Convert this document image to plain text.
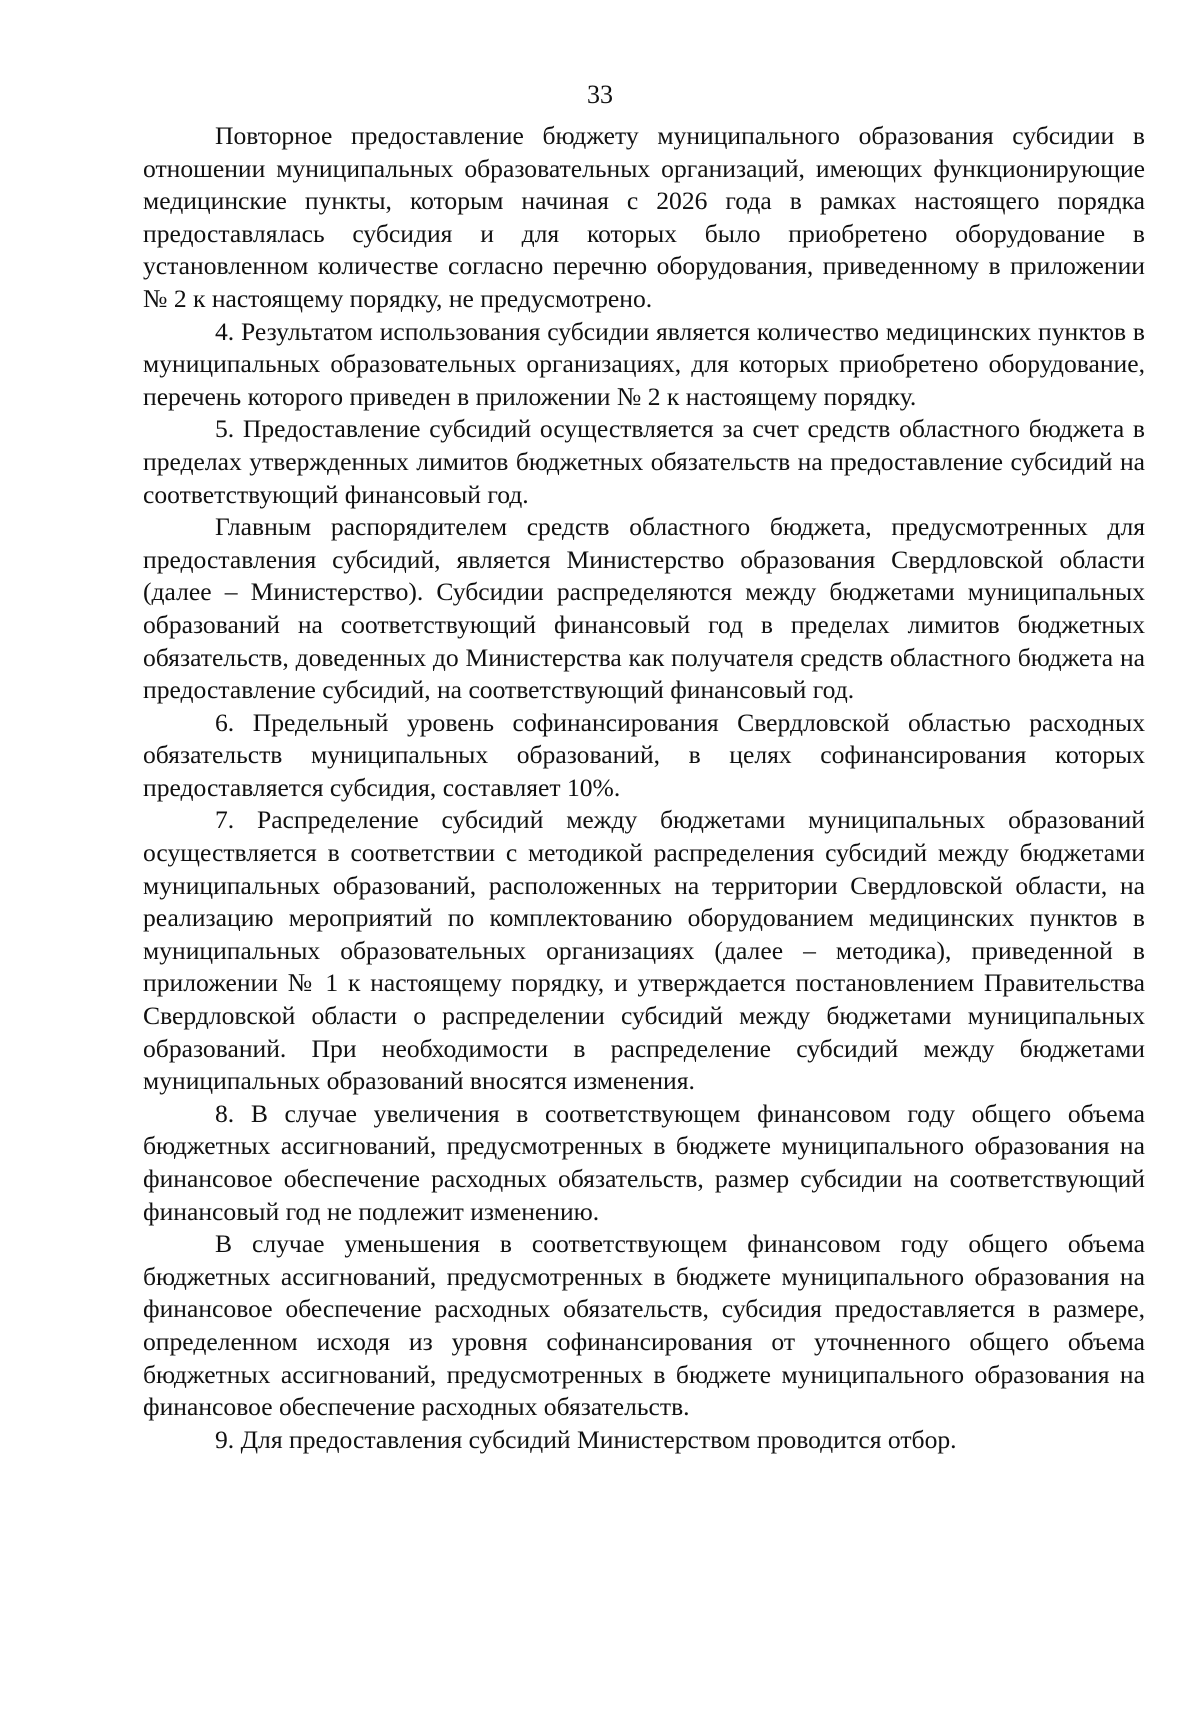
33

Повторное предоставление бюджету муниципального образования субсидии в отношении муниципальных образовательных организаций, имеющих функционирующие медицинские пункты, которым начиная с 2026 года в рамках настоящего порядка предоставлялась субсидия и для которых было приобретено оборудование в установленном количестве согласно перечню оборудования, приведенному в приложении № 2 к настоящему порядку, не предусмотрено.

4. Результатом использования субсидии является количество медицинских пунктов в муниципальных образовательных организациях, для которых приобретено оборудование, перечень которого приведен в приложении № 2 к настоящему порядку.

5. Предоставление субсидий осуществляется за счет средств областного бюджета в пределах утвержденных лимитов бюджетных обязательств на предоставление субсидий на соответствующий финансовый год.

Главным распорядителем средств областного бюджета, предусмотренных для предоставления субсидий, является Министерство образования Свердловской области (далее – Министерство). Субсидии распределяются между бюджетами муниципальных образований на соответствующий финансовый год в пределах лимитов бюджетных обязательств, доведенных до Министерства как получателя средств областного бюджета на предоставление субсидий, на соответствующий финансовый год.

6. Предельный уровень софинансирования Свердловской областью расходных обязательств муниципальных образований, в целях софинансирования которых предоставляется субсидия, составляет 10%.

7. Распределение субсидий между бюджетами муниципальных образований осуществляется в соответствии с методикой распределения субсидий между бюджетами муниципальных образований, расположенных на территории Свердловской области, на реализацию мероприятий по комплектованию оборудованием медицинских пунктов в муниципальных образовательных организациях (далее – методика), приведенной в приложении № 1 к настоящему порядку, и утверждается постановлением Правительства Свердловской области о распределении субсидий между бюджетами муниципальных образований. При необходимости в распределение субсидий между бюджетами муниципальных образований вносятся изменения.

8. В случае увеличения в соответствующем финансовом году общего объема бюджетных ассигнований, предусмотренных в бюджете муниципального образования на финансовое обеспечение расходных обязательств, размер субсидии на соответствующий финансовый год не подлежит изменению.

В случае уменьшения в соответствующем финансовом году общего объема бюджетных ассигнований, предусмотренных в бюджете муниципального образования на финансовое обеспечение расходных обязательств, субсидия предоставляется в размере, определенном исходя из уровня софинансирования от уточненного общего объема бюджетных ассигнований, предусмотренных в бюджете муниципального образования на финансовое обеспечение расходных обязательств.

9. Для предоставления субсидий Министерством проводится отбор.
